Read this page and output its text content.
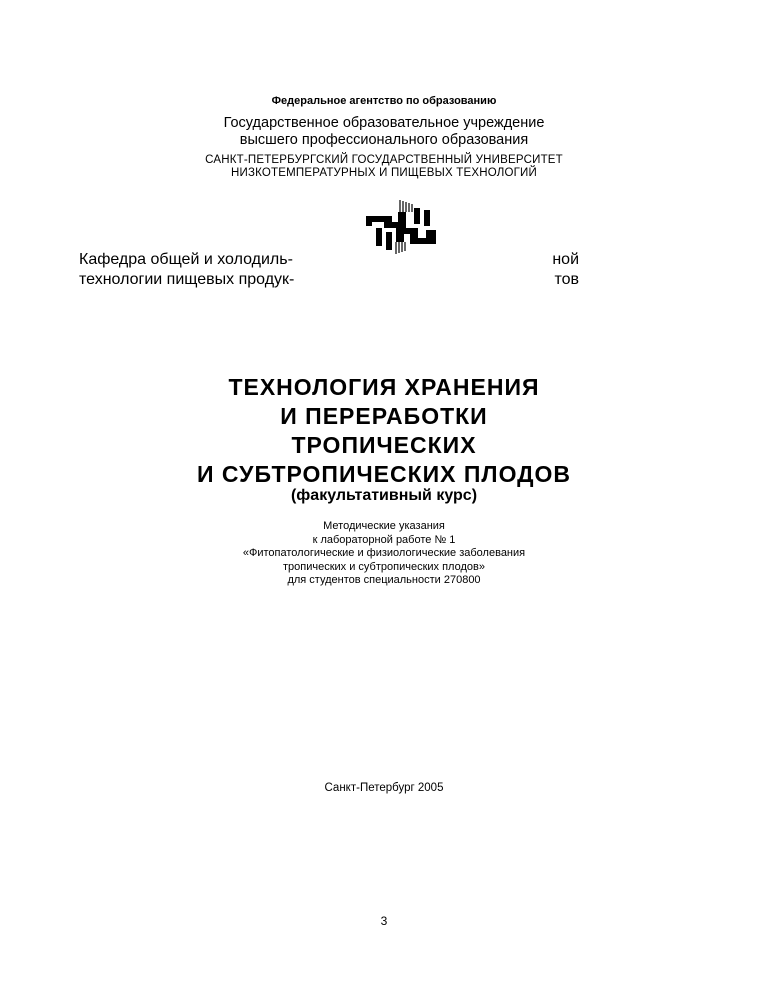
Федеральное агентство по образованию
Государственное образовательное учреждение
высшего профессионального образования
САНКТ-ПЕТЕРБУРГСКИЙ ГОСУДАРСТВЕННЫЙ УНИВЕРСИТЕТ
НИЗКОТЕМПЕРАТУРНЫХ И ПИЩЕВЫХ ТЕХНОЛОГИЙ
Кафедра общей и холодиль-
технологии пищевых продук-
ной
тов
ТЕХНОЛОГИЯ ХРАНЕНИЯ
И ПЕРЕРАБОТКИ
ТРОПИЧЕСКИХ
И СУБТРОПИЧЕСКИХ ПЛОДОВ
(факультативный курс)
Методические указания
к лабораторной работе № 1
«Фитопатологические и физиологические заболевания
тропических и субтропических плодов»
для студентов специальности 270800
Санкт-Петербург 2005
3
